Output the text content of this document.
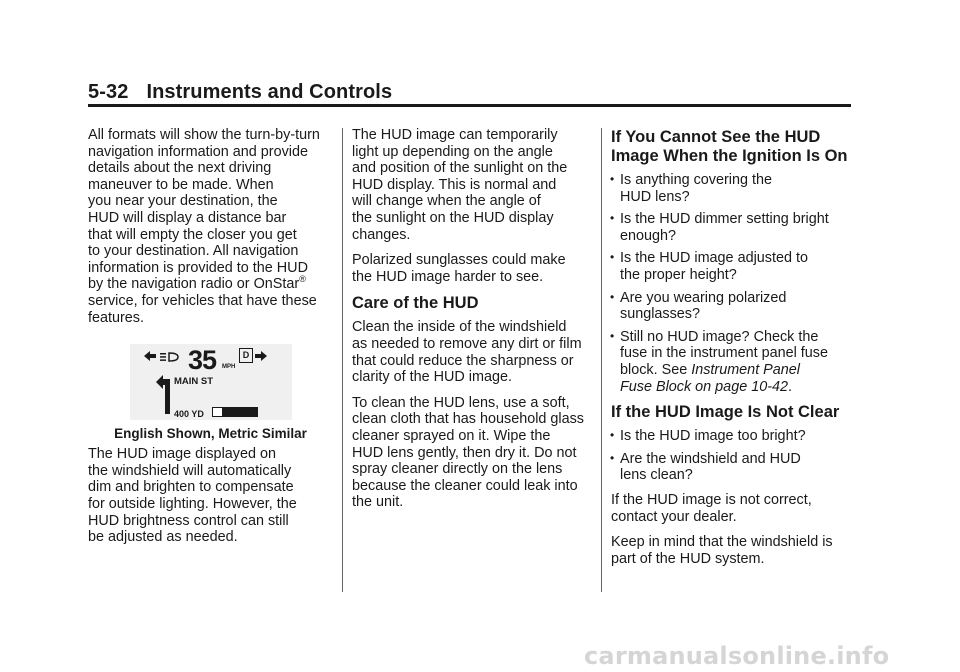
5-32 Instruments and Controls

All formats will show the turn-by-turn
navigation information and provide
details about the next driving
maneuver to be made. When
you near your destination, the
HUD will display a distance bar
that will empty the closer you get
to your destination. All navigation
information is provided to the HUD
by the navigation radio or OnStar®
service, for vehicles that have these
features.

35 MPH
D
MAIN ST
400 YD
English Shown, Metric Similar

The HUD image displayed on
the windshield will automatically
dim and brighten to compensate
for outside lighting. However, the
HUD brightness control can still
be adjusted as needed.

The HUD image can temporarily
light up depending on the angle
and position of the sunlight on the
HUD display. This is normal and
will change when the angle of
the sunlight on the HUD display
changes.

Polarized sunglasses could make
the HUD image harder to see.

Care of the HUD

Clean the inside of the windshield
as needed to remove any dirt or film
that could reduce the sharpness or
clarity of the HUD image.

To clean the HUD lens, use a soft,
clean cloth that has household glass
cleaner sprayed on it. Wipe the
HUD lens gently, then dry it. Do not
spray cleaner directly on the lens
because the cleaner could leak into
the unit.

If You Cannot See the HUD
Image When the Ignition Is On
• Is anything covering the
HUD lens?
• Is the HUD dimmer setting bright
enough?
• Is the HUD image adjusted to
the proper height?
• Are you wearing polarized
sunglasses?
• Still no HUD image? Check the
fuse in the instrument panel fuse
block. See Instrument Panel
Fuse Block on page 10-42.
If the HUD Image Is Not Clear
• Is the HUD image too bright?
• Are the windshield and HUD
lens clean?

If the HUD image is not correct,
contact your dealer.

Keep in mind that the windshield is
part of the HUD system.

carmanualsonline.info
